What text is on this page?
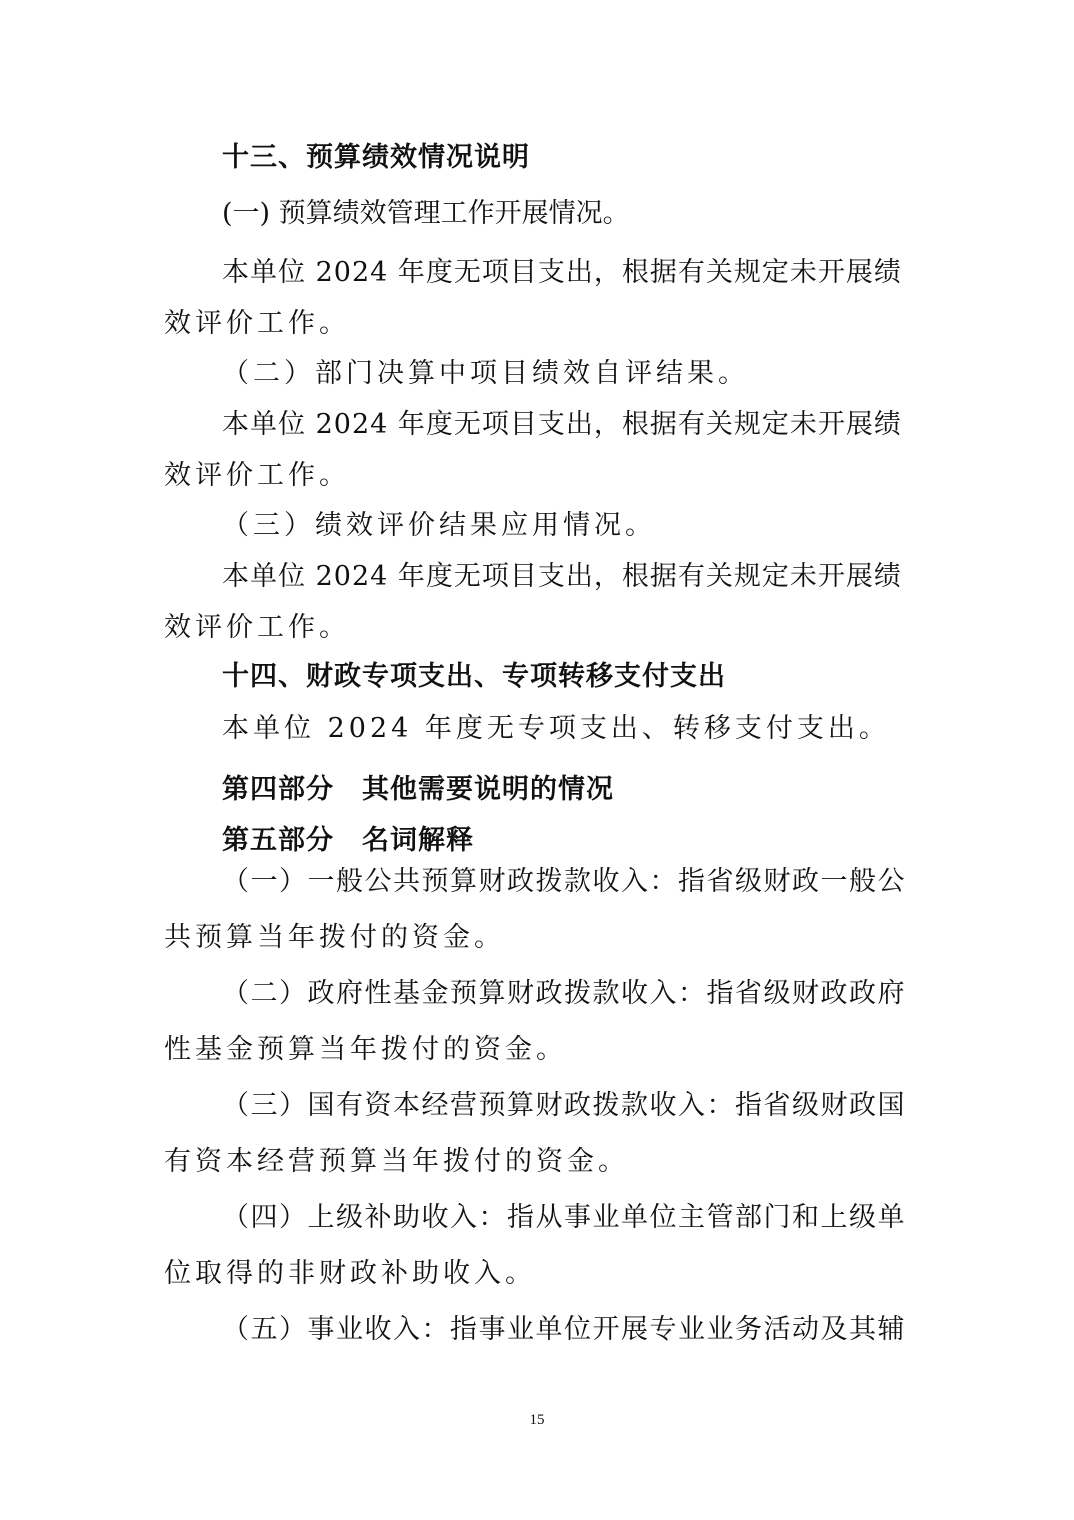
十三、预算绩效情况说明
(一) 预算绩效管理工作开展情况。
本单位 2024 年度无项目支出，根据有关规定未开展绩
效评价工作。
（二）部门决算中项目绩效自评结果。
本单位 2024 年度无项目支出，根据有关规定未开展绩
效评价工作。
（三）绩效评价结果应用情况。
本单位 2024 年度无项目支出，根据有关规定未开展绩
效评价工作。
十四、财政专项支出、专项转移支付支出
本单位 2024 年度无专项支出、转移支付支出。
第四部分　其他需要说明的情况
第五部分　名词解释
（一）一般公共预算财政拨款收入：指省级财政一般公
共预算当年拨付的资金。
（二）政府性基金预算财政拨款收入：指省级财政政府
性基金预算当年拨付的资金。
（三）国有资本经营预算财政拨款收入：指省级财政国
有资本经营预算当年拨付的资金。
（四）上级补助收入：指从事业单位主管部门和上级单
位取得的非财政补助收入。
（五）事业收入：指事业单位开展专业业务活动及其辅
15
